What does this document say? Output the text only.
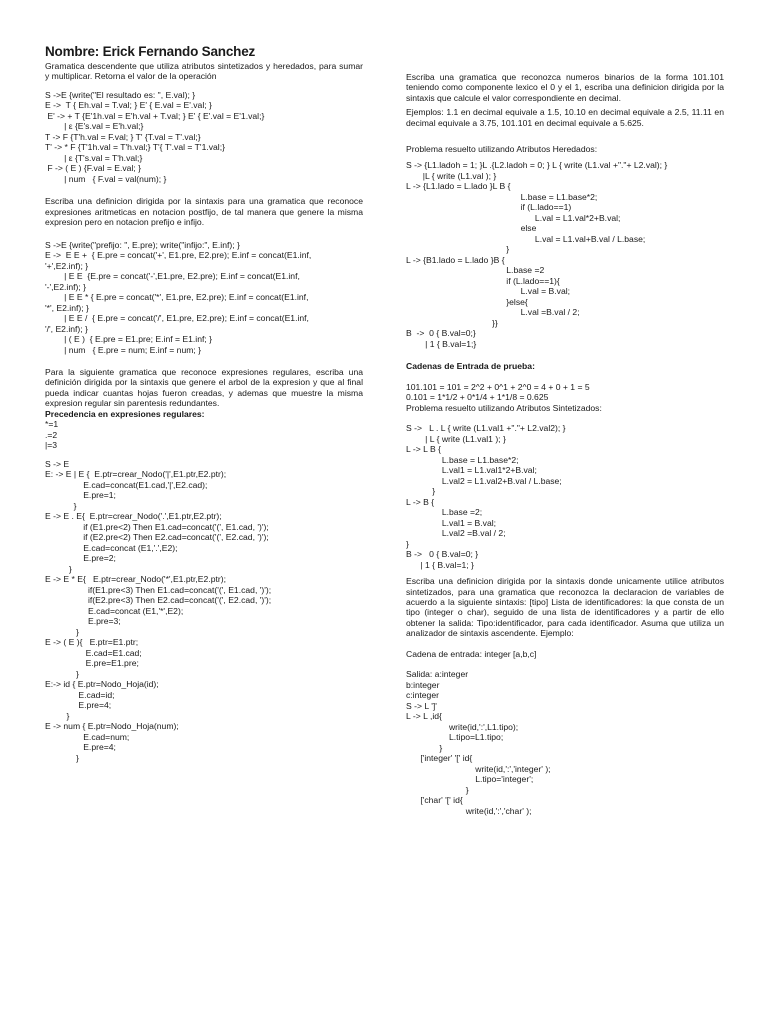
Nombre: Erick Fernando Sanchez

Gramatica descendente que utiliza atributos sintetizados y heredados, para sumar y multiplicar. Retorna el valor de la operación

S ->E {write("El resultado es: ", E.val); }
E ->  T { Eh.val = T.val; } E' { E.val = E'.val; }
E' -> + T {E'1h.val = E'h.val + T.val; } E' { E'.val = E'1.val;}
| ε {E's.val = E'h.val;}
T -> F {T'h.val = F.val; } T' {T.val = T'.val;}
T' -> * F {T'1h.val = T'h.val;} T'{ T'.val = T'1.val;}
| ε {T's.val = T'h.val;}
F -> ( E ) {F.val = E.val; }
| num   { F.val = val(num); }

Escriba una definicion dirigida por la sintaxis para una gramatica que reconoce expresiones aritmeticas en notacion postfijo, de tal manera que genere la misma expresion pero en notacion prefijo e infijo.

S ->E {write("prefijo: ", E.pre); write("infijo:", E.inf); }
E ->  E E +  { E.pre = concat('+', E1.pre, E2.pre); E.inf = concat(E1.inf,
'+',E2.inf); }
| E E  {E.pre = concat('-',E1.pre, E2.pre); E.inf = concat(E1.inf,
'-',E2.inf); }
| E E * { E.pre = concat('*', E1.pre, E2.pre); E.inf = concat(E1.inf,
'*', E2.inf); }
| E E /  { E.pre = concat('/', E1.pre, E2.pre); E.inf = concat(E1.inf,
'/', E2.inf); }
| ( E )  { E.pre = E1.pre; E.inf = E1.inf; }
| num   { E.pre = num; E.inf = num; }

Para la siguiente gramatica que reconoce expresiones regulares, escriba una definición dirigida por la sintaxis que genere el arbol de la expresion y que al final pueda indicar cuantas hojas fueron creadas, y ademas que muestre la misma expresion regular sin parentesis redundantes.

Precedencia en expresiones regulares:
*=1
.=2
|=3
S -> E
E: -> E | E {  E.ptr=crear_Nodo('|',E1.ptr,E2.ptr);
E.cad=concat(E1.cad,'|',E2.cad);
E.pre=1;
}
E -> E . E{  E.ptr=crear_Nodo('.',E1.ptr,E2.ptr);
if (E1.pre<2) Then E1.cad=concat('(', E1.cad, ')');
if (E2.pre<2) Then E2.cad=concat('(', E2.cad, ')');
E.cad=concat (E1,'.',E2);
E.pre=2;
}
E -> E * E{   E.ptr=crear_Nodo('*',E1.ptr,E2.ptr);
if(E1.pre<3) Then E1.cad=concat('(', E1.cad, ')');
if(E2.pre<3) Then E2.cad=concat('(', E2.cad, ')');
E.cad=concat (E1,'*',E2);
E.pre=3;
}
E -> ( E ){   E.ptr=E1.ptr;
E.cad=E1.cad;
E.pre=E1.pre;
}
E:-> id { E.ptr=Nodo_Hoja(id);
E.cad=id;
E.pre=4;
}
E -> num { E.ptr=Nodo_Hoja(num);
E.cad=num;
E.pre=4;
}

Escriba una gramatica que reconozca numeros binarios de la forma 101.101 teniendo como componente lexico el 0 y el 1, escriba una definicion dirigida por la sintaxis que calcule el valor correspondiente en decimal.

Ejemplos: 1.1 en decimal equivale a 1.5, 10.10 en decimal equivale a 2.5, 11.11 en decimal equivale a 3.75, 101.101 en decimal equivale a 5.625.

Problema resuelto utilizando Atributos Heredados:
S -> {L1.ladoh = 1; }L .{L2.ladoh = 0; } L { write (L1.val +"."+ L2.val); }
|L { write (L1.val ); }
L -> {L1.lado = L.lado }L B {
L.base = L1.base*2;
if (L.lado==1)
L.val = L1.val*2+B.val;
else
L.val = L1.val+B.val / L.base;
}
L -> {B1.lado = L.lado }B {
L.base =2
if (L.lado==1){
L.val = B.val;
}else{
L.val =B.val / 2;
}}
B  ->  0 { B.val=0;}
| 1 { B.val=1;}
Cadenas de Entrada de prueba:
101.101 = 101 = 2^2 + 0^1 + 2^0 = 4 + 0 + 1 = 5
0.101 = 1*1/2 + 0*1/4 + 1*1/8 = 0.625
Problema resuelto utilizando Atributos Sintetizados:
S ->   L . L { write (L1.val1 +"."+ L2.val2); }
| L { write (L1.val1 ); }
L -> L B {
L.base = L1.base*2;
L.val1 = L1.val1*2+B.val;
L.val2 = L1.val2+B.val / L.base;
}
L -> B {
L.base =2;
L.val1 = B.val;
L.val2 =B.val / 2;
}
B ->   0 { B.val=0; }
| 1 { B.val=1; }

Escriba una definicion dirigida por la sintaxis donde unicamente utilice atributos sintetizados, para una gramatica que reconozca la declaracion de variables de acuerdo a la siguiente sintaxis: [tipo] Lista de identificadores: la que consta de un tipo (integer o char), seguido de una lista de identificadores y a partir de ello obtener la salida: Tipo:identificador, para cada identificador. Asuma que utiliza un analizador de sintaxis ascendente. Ejemplo:

Cadena de entrada: integer [a,b,c]
Salida: a:integer
b:integer
c:integer
S -> L ']'
L -> L ,id{
write(id,':',L1.tipo);
L.tipo=L1.tipo;
}
['integer' '[' id{
write(id,':','integer' );
L.tipo='integer';
}
['char' '[' id{
write(id,':','char' );
